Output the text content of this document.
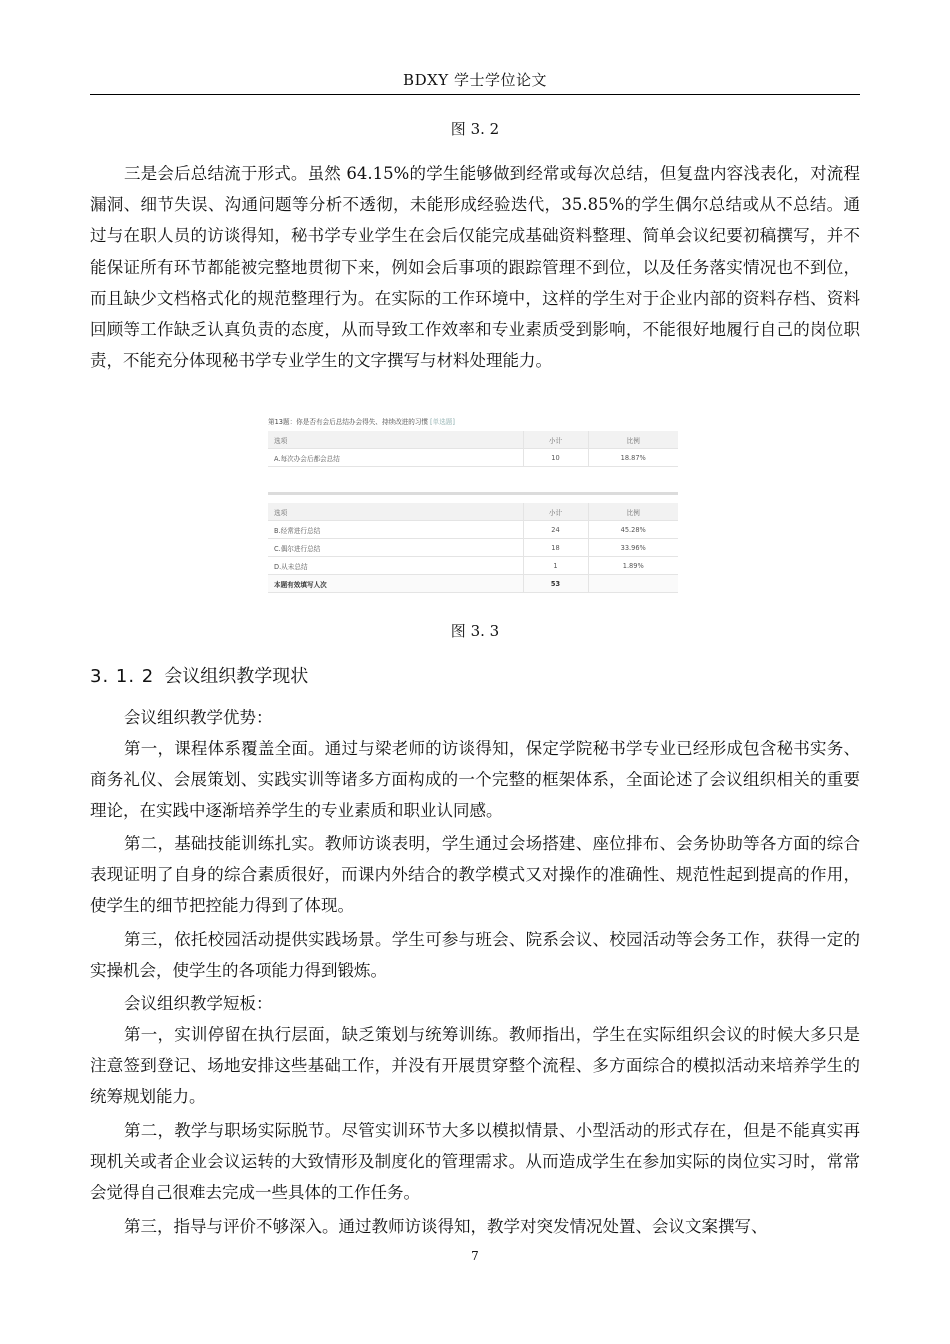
BDXY 学士学位论文
图 3. 2

三是会后总结流于形式。虽然 64.15%的学生能够做到经常或每次总结，但复盘内容浅表化，对流程漏洞、细节失误、沟通问题等分析不透彻，未能形成经验迭代，35.85%的学生偶尔总结或从不总结。通过与在职人员的访谈得知，秘书学专业学生在会后仅能完成基础资料整理、简单会议纪要初稿撰写，并不能保证所有环节都能被完整地贯彻下来，例如会后事项的跟踪管理不到位，以及任务落实情况也不到位，而且缺少文档格式化的规范整理行为。在实际的工作环境中，这样的学生对于企业内部的资料存档、资料回顾等工作缺乏认真负责的态度，从而导致工作效率和专业素质受到影响，不能很好地履行自己的岗位职责，不能充分体现秘书学专业学生的文字撰写与材料处理能力。

第13题：你是否有会后总结办会得失、持续改进的习惯 [单选题]
选项	小计	比例
A.每次办会后都会总结	10	18.87%
选项	小计	比例
B.经常进行总结	24	45.28%
C.偶尔进行总结	18	33.96%
D.从未总结	1	1.89%
本题有效填写人次	53	
图 3. 3
3. 1. 2 会议组织教学现状

会议组织教学优势：

第一，课程体系覆盖全面。通过与梁老师的访谈得知，保定学院秘书学专业已经形成包含秘书实务、商务礼仪、会展策划、实践实训等诸多方面构成的一个完整的框架体系，全面论述了会议组织相关的重要理论，在实践中逐渐培养学生的专业素质和职业认同感。

第二，基础技能训练扎实。教师访谈表明，学生通过会场搭建、座位排布、会务协助等各方面的综合表现证明了自身的综合素质很好，而课内外结合的教学模式又对操作的准确性、规范性起到提高的作用，使学生的细节把控能力得到了体现。

第三，依托校园活动提供实践场景。学生可参与班会、院系会议、校园活动等会务工作，获得一定的实操机会，使学生的各项能力得到锻炼。

会议组织教学短板：

第一，实训停留在执行层面，缺乏策划与统筹训练。教师指出，学生在实际组织会议的时候大多只是注意签到登记、场地安排这些基础工作，并没有开展贯穿整个流程、多方面综合的模拟活动来培养学生的统筹规划能力。

第二，教学与职场实际脱节。尽管实训环节大多以模拟情景、小型活动的形式存在，但是不能真实再现机关或者企业会议运转的大致情形及制度化的管理需求。从而造成学生在参加实际的岗位实习时，常常会觉得自己很难去完成一些具体的工作任务。

第三，指导与评价不够深入。通过教师访谈得知，教学对突发情况处置、会议文案撰写、

7
